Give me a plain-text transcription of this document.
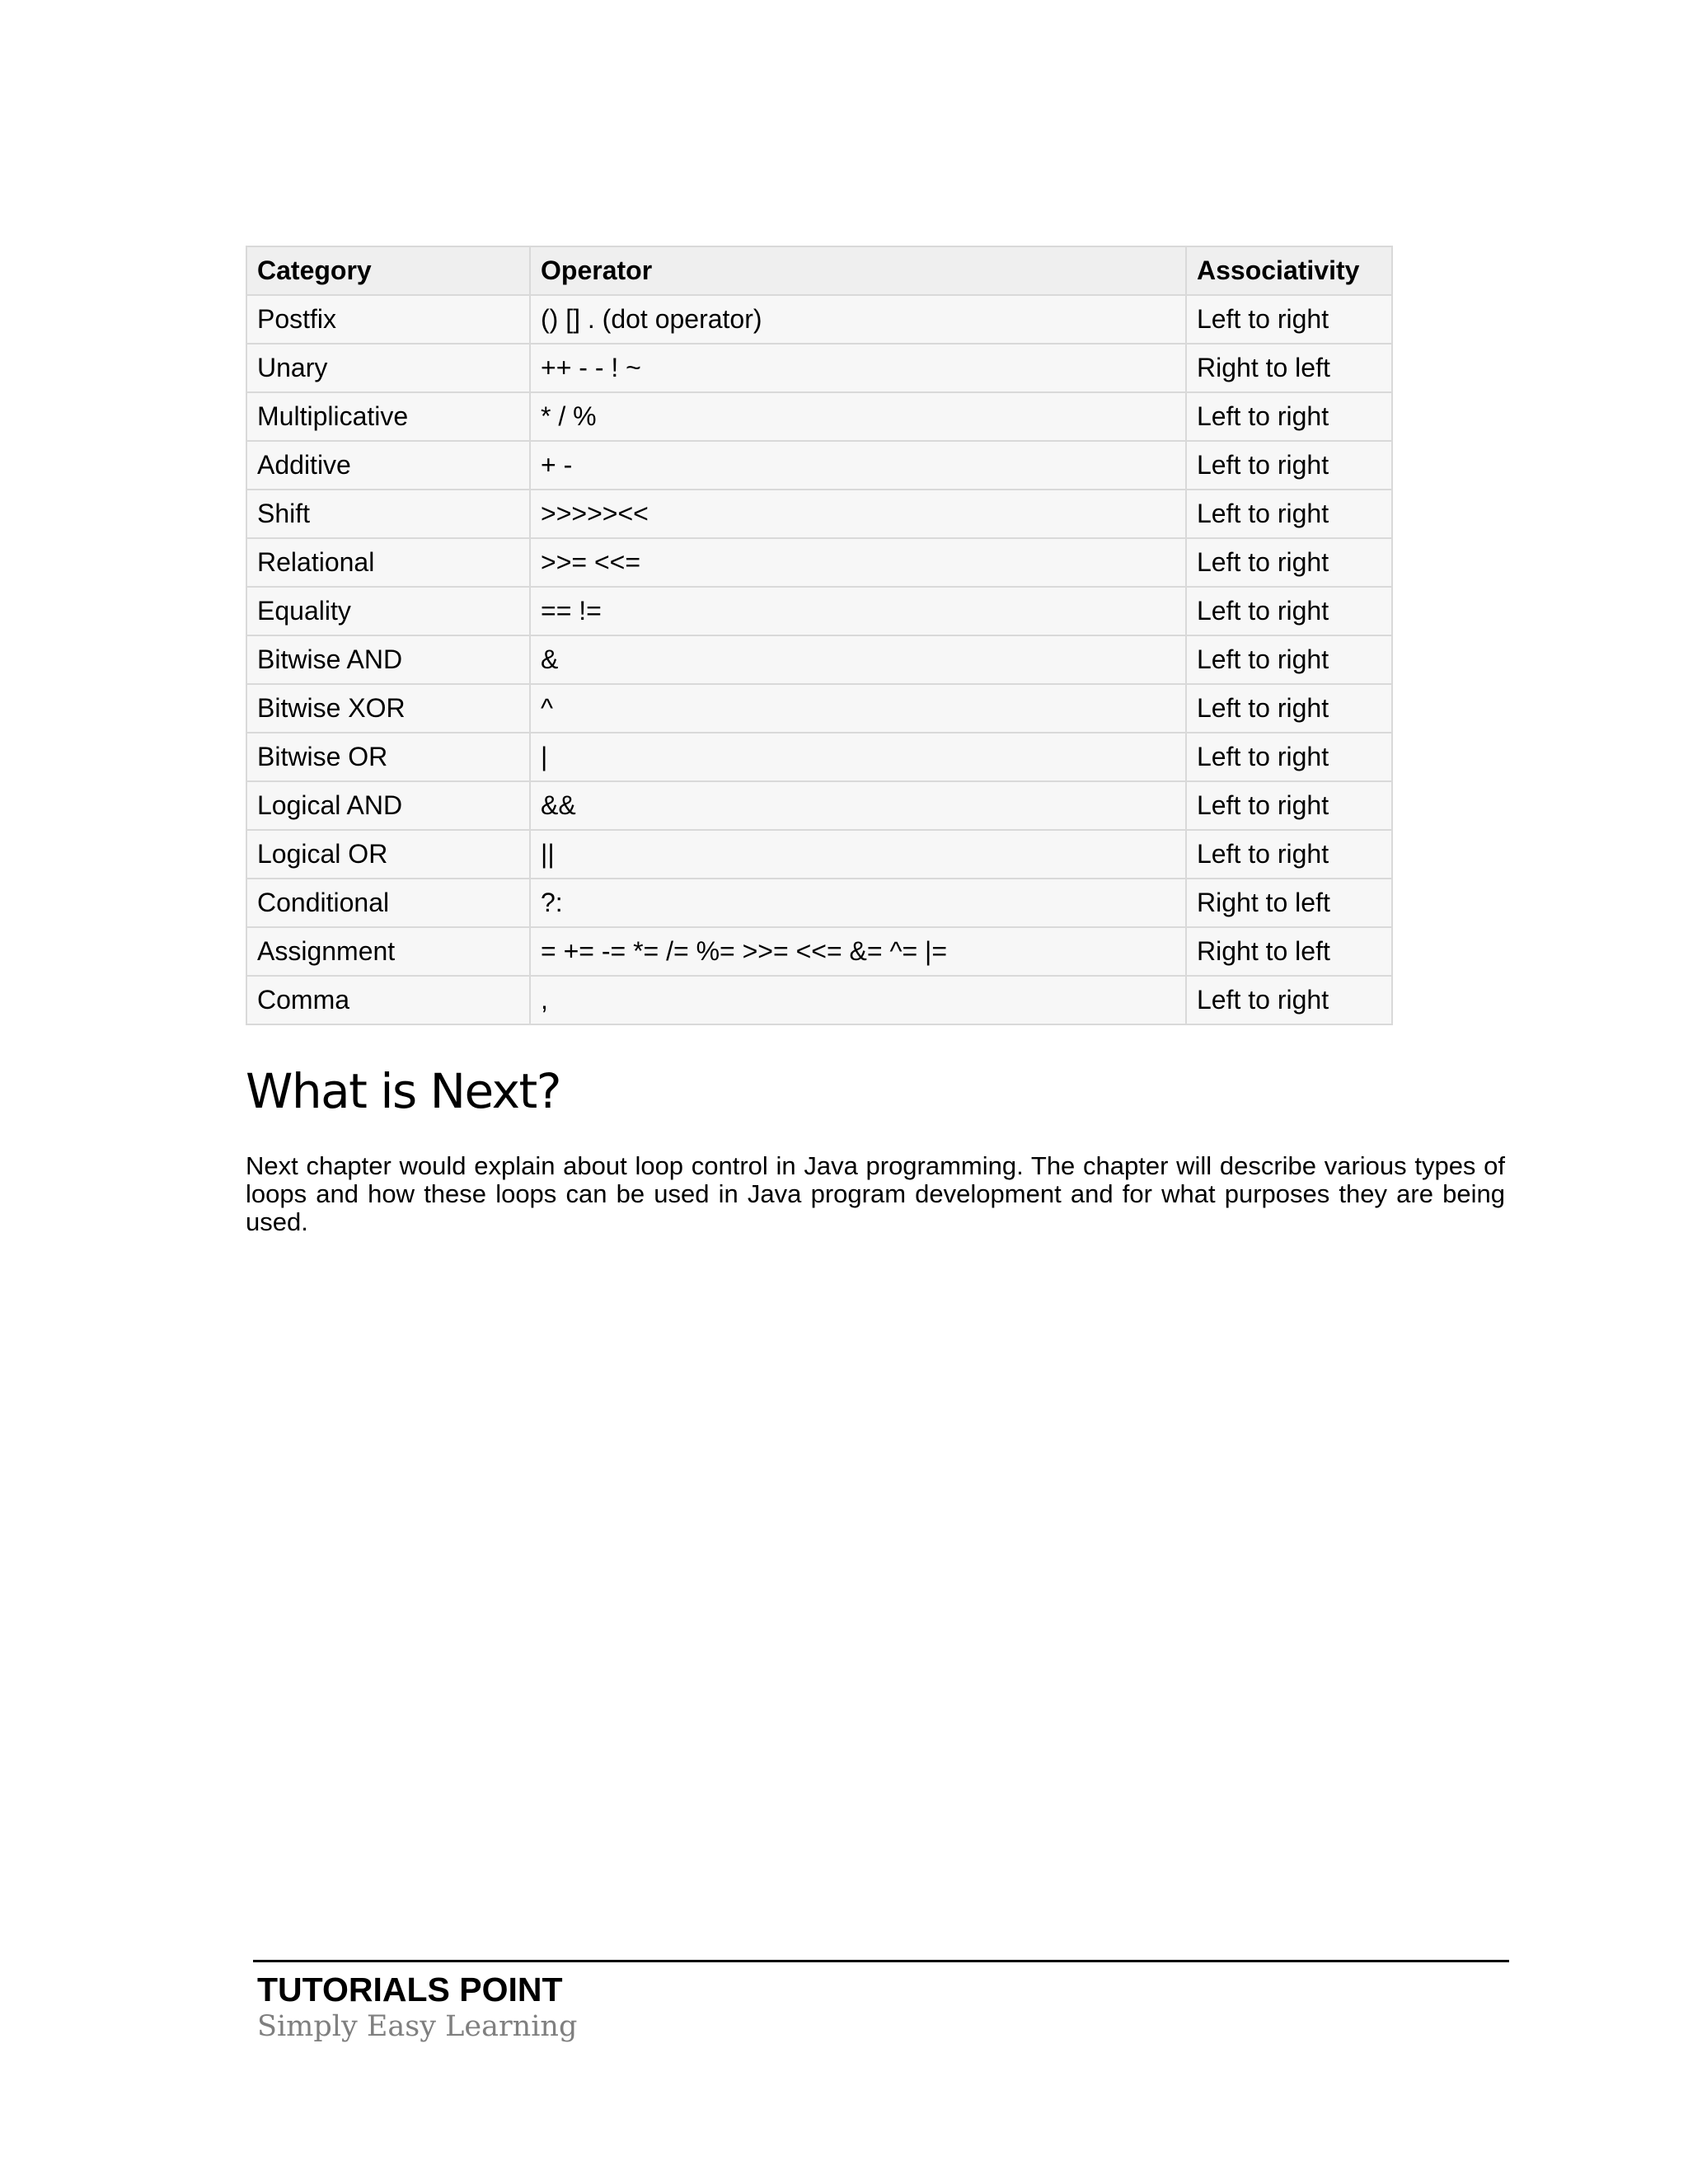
Category	Operator	Associativity
Postfix	() [] . (dot operator)	Left to right
Unary	++ - - ! ~	Right to left
Multiplicative	* / %	Left to right
Additive	+ -	Left to right
Shift	>>>>><<	Left to right
Relational	>>= <<=	Left to right
Equality	== !=	Left to right
Bitwise AND	&	Left to right
Bitwise XOR	^	Left to right
Bitwise OR	|	Left to right
Logical AND	&&	Left to right
Logical OR	||	Left to right
Conditional	?:	Right to left
Assignment	= += -= *= /= %= >>= <<= &= ^= |=	Right to left
Comma	,	Left to right
What is Next?

Next chapter would explain about loop control in Java programming. The chapter will describe various types of loops and how these loops can be used in Java program development and for what purposes they are being used.

TUTORIALS POINT
Simply Easy Learning
